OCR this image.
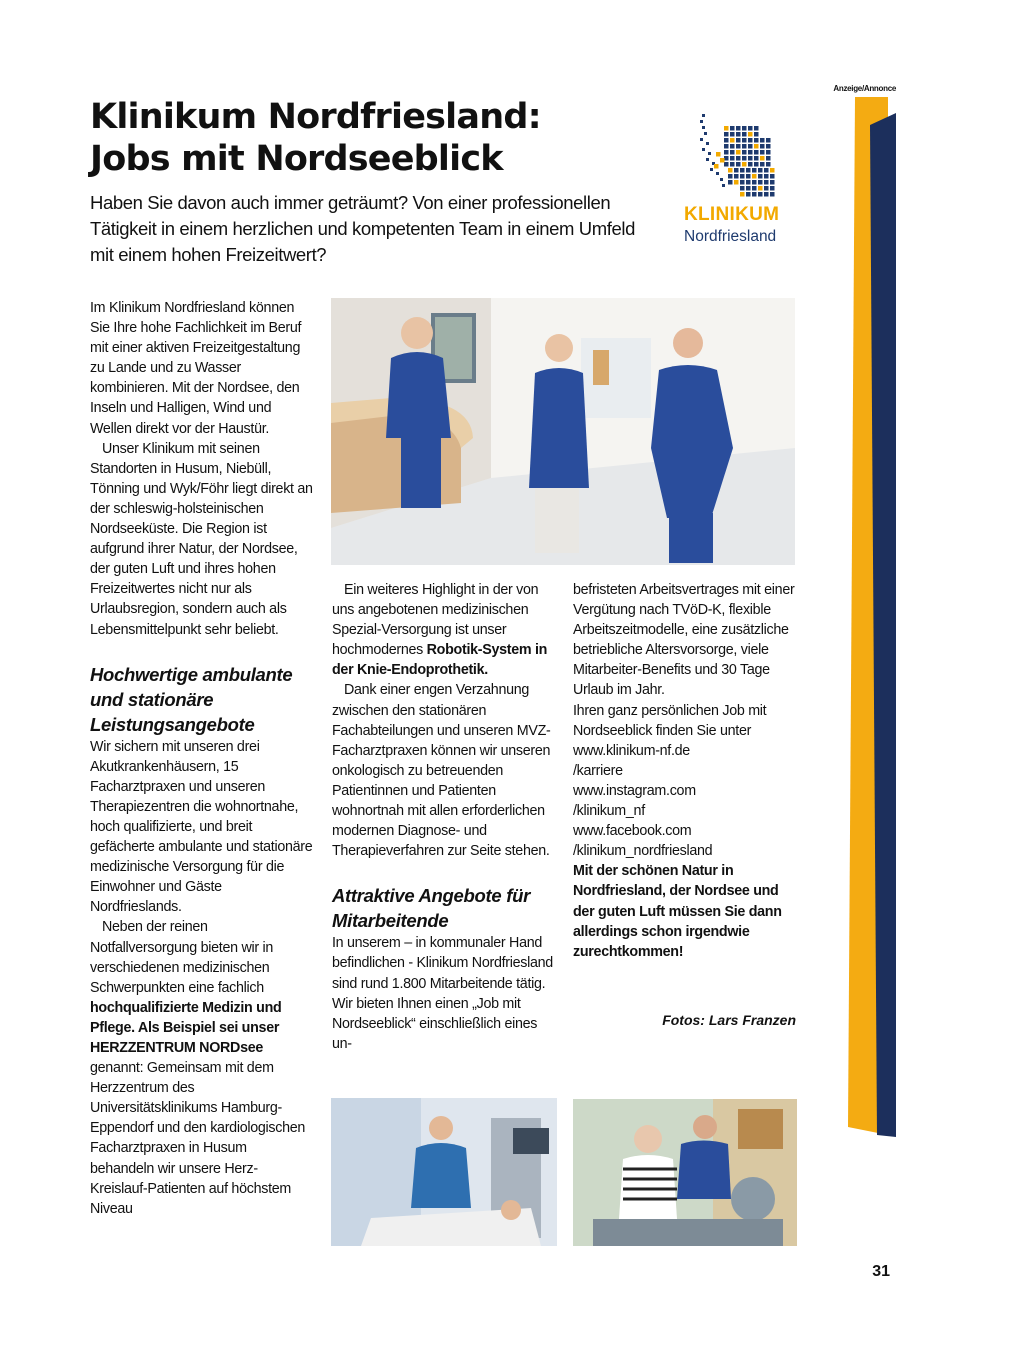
Anzeige/Annonce
Klinikum Nordfriesland:
Jobs mit Nordseeblick

Haben Sie davon auch immer geträumt? Von einer professionellen Tätigkeit in einem herzlichen und kompetenten Team in einem Umfeld mit einem hohen Freizeitwert?

KLINIKUM
Nordfriesland

Im Klinikum Nordfriesland können Sie Ihre hohe Fachlichkeit im Beruf mit einer aktiven Freizeitgestaltung zu Lande und zu Wasser kombinieren. Mit der Nordsee, den Inseln und Halligen, Wind und Wellen direkt vor der Haustür.

Unser Klinikum mit seinen Standorten in Husum, Niebüll, Tönning und Wyk/Föhr liegt direkt an der schleswig-holsteinischen Nordseeküste. Die Region ist aufgrund ihrer Natur, der Nordsee, der guten Luft und ihres hohen Freizeitwertes nicht nur als Urlaubsregion, sondern auch als Lebensmittelpunkt sehr beliebt.

Hochwertige ambulante und stationäre Leistungsangebote

Wir sichern mit unseren drei Akutkrankenhäusern, 15 Facharztpraxen und unseren Therapiezentren die wohnortnahe, hoch qualifizierte, und breit gefächerte ambulante und stationäre medizinische Versorgung für die Einwohner und Gäste Nordfrieslands.

Neben der reinen Notfallversorgung bieten wir in verschiedenen medizinischen Schwerpunkten eine fachlich hochqualifizierte Medizin und Pflege. Als Beispiel sei unser HERZZENTRUM NORDsee genannt: Gemeinsam mit dem Herzzentrum des Universitätsklinikums Hamburg-Eppendorf und den kardiologischen Facharztpraxen in Husum behandeln wir unsere Herz-Kreislauf-Patienten auf höchstem Niveau

Ein weiteres Highlight in der von uns angebotenen medizinischen Spezial-Versorgung ist unser hochmodernes Robotik-System in der Knie-Endoprothetik.

Dank einer engen Verzahnung zwischen den stationären Fachabteilungen und unseren MVZ-Facharztpraxen können wir unseren onkologisch zu betreuenden Patientinnen und Patienten wohnortnah mit allen erforderlichen modernen Diagnose- und Therapieverfahren zur Seite stehen.

Attraktive Angebote für Mitarbeitende

In unserem – in kommunaler Hand befindlichen - Klinikum Nordfriesland sind rund 1.800 Mitarbeitende tätig. Wir bieten Ihnen einen „Job mit Nordseeblick“ einschließlich eines un-

befristeten Arbeitsvertrages mit einer Vergütung nach TVöD-K, flexible Arbeitszeitmodelle, eine zusätzliche betriebliche Altersvorsorge, viele Mitarbeiter-Benefits und 30 Tage Urlaub im Jahr.

Ihren ganz persönlichen Job mit Nordseeblick finden Sie unter

www.klinikum-nf.de

/karriere

www.instagram.com

/klinikum_nf

www.facebook.com

/klinikum_nordfriesland

Mit der schönen Natur in Nordfriesland, der Nordsee und der guten Luft müssen Sie dann allerdings schon irgendwie zurechtkommen!

Fotos: Lars Franzen
31
